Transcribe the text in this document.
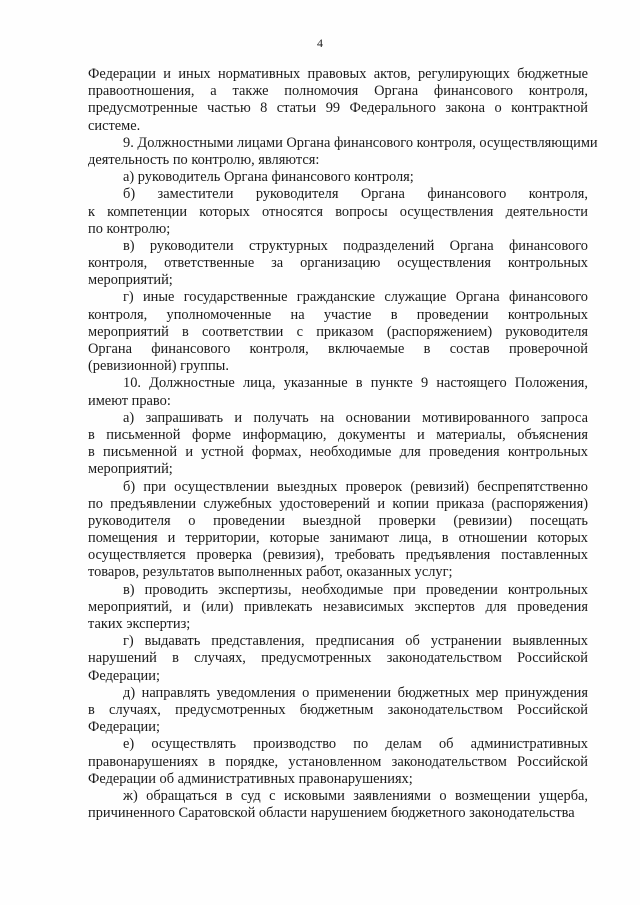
4
Федерации и иных нормативных правовых актов, регулирующих бюджетные
правоотношения, а также полномочия Органа финансового контроля,
предусмотренные частью 8 статьи 99 Федерального закона о контрактной
системе.
9. Должностными лицами Органа финансового контроля, осуществляющими
деятельность по контролю, являются:
а) руководитель Органа финансового контроля;
б) заместители руководителя Органа финансового контроля,
к компетенции которых относятся вопросы осуществления деятельности
по контролю;
в) руководители структурных подразделений Органа финансового
контроля, ответственные за организацию осуществления контрольных
мероприятий;
г) иные государственные гражданские служащие Органа финансового
контроля, уполномоченные на участие в проведении контрольных
мероприятий в соответствии с приказом (распоряжением) руководителя
Органа финансового контроля, включаемые в состав проверочной
(ревизионной) группы.
10. Должностные лица, указанные в пункте 9 настоящего Положения,
имеют право:
а) запрашивать и получать на основании мотивированного запроса
в письменной форме информацию, документы и материалы, объяснения
в письменной и устной формах, необходимые для проведения контрольных
мероприятий;
б) при осуществлении выездных проверок (ревизий) беспрепятственно
по предъявлении служебных удостоверений и копии приказа (распоряжения)
руководителя о проведении выездной проверки (ревизии) посещать
помещения и территории, которые занимают лица, в отношении которых
осуществляется проверка (ревизия), требовать предъявления поставленных
товаров, результатов выполненных работ, оказанных услуг;
в) проводить экспертизы, необходимые при проведении контрольных
мероприятий, и (или) привлекать независимых экспертов для проведения
таких экспертиз;
г) выдавать представления, предписания об устранении выявленных
нарушений в случаях, предусмотренных законодательством Российской
Федерации;
д) направлять уведомления о применении бюджетных мер принуждения
в случаях, предусмотренных бюджетным законодательством Российской
Федерации;
е) осуществлять производство по делам об административных
правонарушениях в порядке, установленном законодательством Российской
Федерации об административных правонарушениях;
ж) обращаться в суд с исковыми заявлениями о возмещении ущерба,
причиненного Саратовской области нарушением бюджетного законодательства
